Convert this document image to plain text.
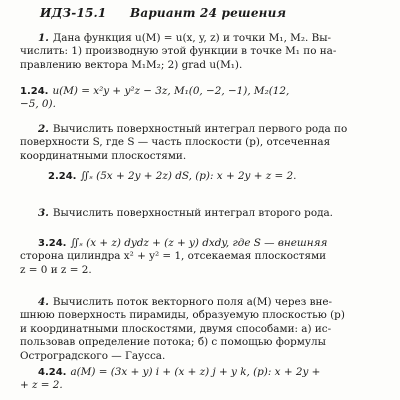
ИДЗ-15.1 Вариант 24 решения
1. Дана функция u(M) = u(x, y, z) и точки M₁, M₂. Вы-
числить: 1) производную этой функции в точке M₁ по на-
правлению вектора M₁M₂; 2) grad u(M₁).
1.24. u(M) = x²y + y²z − 3z, M₁(0, −2, −1), M₂(12,
−5, 0).
2. Вычислить поверхностный интеграл первого рода по
поверхности S, где S — часть плоскости (p), отсеченная
координатными плоскостями.
2.24. ∬ₛ (5x + 2y + 2z) dS, (p): x + 2y + z = 2.
3. Вычислить поверхностный интеграл второго рода.
3.24. ∬ₛ (x + z) dydz + (z + y) dxdy, где S — внешняя
сторона цилиндра x² + y² = 1, отсекаемая плоскостями
z = 0 и z = 2.
4. Вычислить поток векторного поля a(M) через вне-
шнюю поверхность пирамиды, образуемую плоскостью (p)
и координатными плоскостями, двумя способами: а) ис-
пользовав определение потока; б) с помощью формулы
Остроградского — Гаусса.
4.24. a(M) = (3x + y) i + (x + z) j + y k, (p): x + 2y +
+ z = 2.
